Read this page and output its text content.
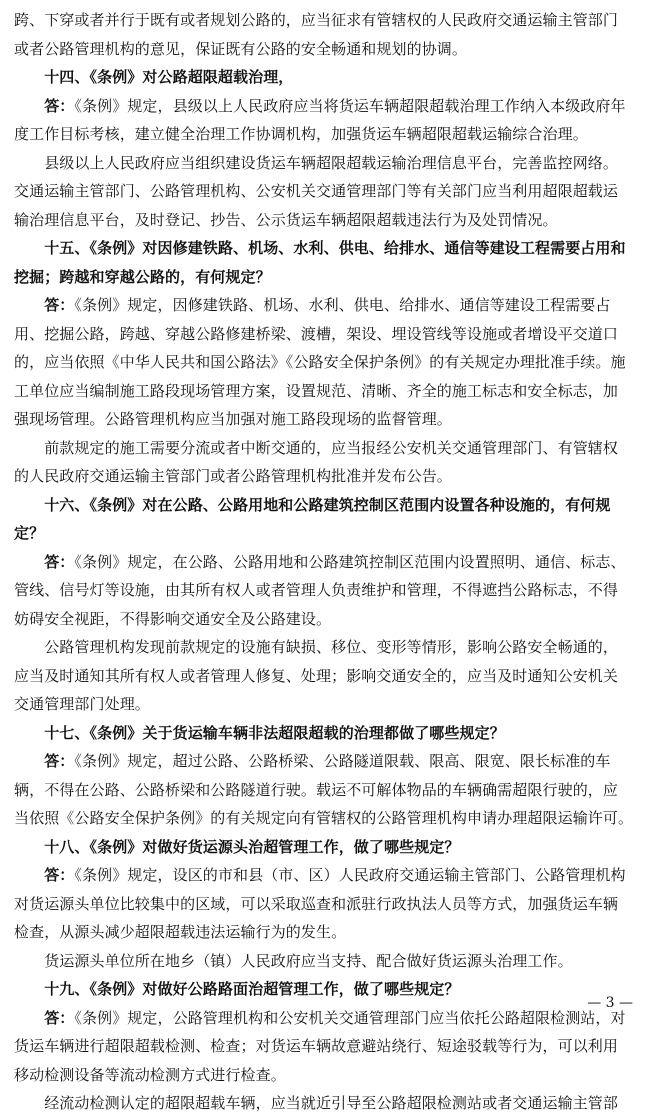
跨、下穿或者并行于既有或者规划公路的，应当征求有管辖权的人民政府交通运输主管部门
或者公路管理机构的意见，保证既有公路的安全畅通和规划的协调。
　　十四、《条例》对公路超限超载治理，
　　答：《条例》规定，县级以上人民政府应当将货运车辆超限超载治理工作纳入本级政府年
度工作目标考核，建立健全治理工作协调机构，加强货运车辆超限超载运输综合治理。
　　县级以上人民政府应当组织建设货运车辆超限超载运输治理信息平台，完善监控网络。
交通运输主管部门、公路管理机构、公安机关交通管理部门等有关部门应当利用超限超载运
输治理信息平台，及时登记、抄告、公示货运车辆超限超载违法行为及处罚情况。
　　十五、《条例》对因修建铁路、机场、水利、供电、给排水、通信等建设工程需要占用和
挖掘；跨越和穿越公路的，有何规定？
　　答：《条例》规定，因修建铁路、机场、水利、供电、给排水、通信等建设工程需要占
用、挖掘公路，跨越、穿越公路修建桥梁、渡槽，架设、埋设管线等设施或者增设平交道口
的，应当依照《中华人民共和国公路法》《公路安全保护条例》的有关规定办理批准手续。施
工单位应当编制施工路段现场管理方案，设置规范、清晰、齐全的施工标志和安全标志，加
强现场管理。公路管理机构应当加强对施工路段现场的监督管理。
　　前款规定的施工需要分流或者中断交通的，应当报经公安机关交通管理部门、有管辖权
的人民政府交通运输主管部门或者公路管理机构批准并发布公告。
　　十六、《条例》对在公路、公路用地和公路建筑控制区范围内设置各种设施的，有何规
定？
　　答：《条例》规定，在公路、公路用地和公路建筑控制区范围内设置照明、通信、标志、
管线、信号灯等设施，由其所有权人或者管理人负责维护和管理，不得遮挡公路标志，不得
妨碍安全视距，不得影响交通安全及公路建设。
　　公路管理机构发现前款规定的设施有缺损、移位、变形等情形，影响公路安全畅通的，
应当及时通知其所有权人或者管理人修复、处理；影响交通安全的，应当及时通知公安机关
交通管理部门处理。
　　十七、《条例》关于货运输车辆非法超限超载的治理都做了哪些规定？
　　答：《条例》规定，超过公路、公路桥梁、公路隧道限载、限高、限宽、限长标准的车
辆，不得在公路、公路桥梁和公路隧道行驶。载运不可解体物品的车辆确需超限行驶的，应
当依照《公路安全保护条例》的有关规定向有管辖权的公路管理机构申请办理超限运输许可。
　　十八、《条例》对做好货运源头治超管理工作，做了哪些规定？
　　答：《条例》规定，设区的市和县（市、区）人民政府交通运输主管部门、公路管理机构
对货运源头单位比较集中的区域，可以采取巡查和派驻行政执法人员等方式，加强货运车辆
检查，从源头减少超限超载违法运输行为的发生。
　　货运源头单位所在地乡（镇）人民政府应当支持、配合做好货运源头治理工作。
　　十九、《条例》对做好公路路面治超管理工作，做了哪些规定？
　　答：《条例》规定，公路管理机构和公安机关交通管理部门应当依托公路超限检测站，对
货运车辆进行超限超载检测、检查；对货运车辆故意避站绕行、短途驳载等行为，可以利用
移动检测设备等流动检测方式进行检查。
　　经流动检测认定的超限超载车辆，应当就近引导至公路超限检测站或者交通运输主管部
— 3 —
